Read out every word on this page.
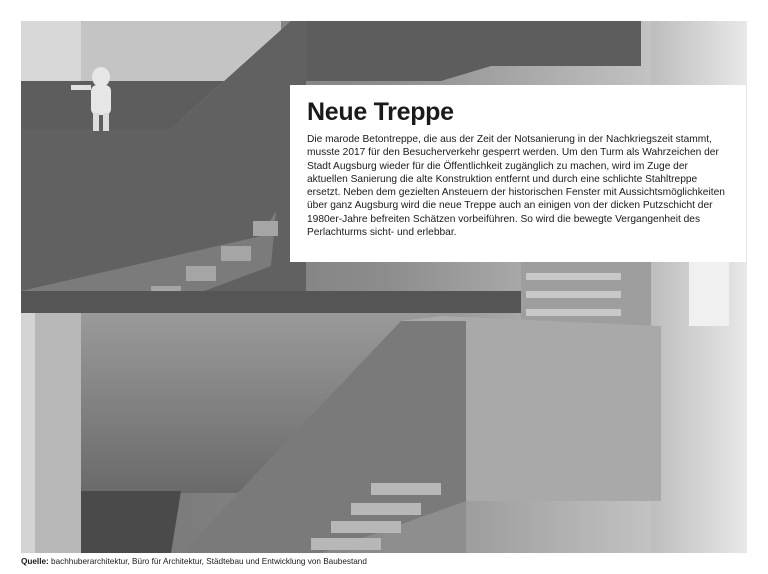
Neue Treppe

Die marode Betontreppe, die aus der Zeit der Notsanierung in der Nachkriegszeit stammt, musste 2017 für den Besucherverkehr gesperrt werden. Um den Turm als Wahrzeichen der Stadt Augsburg wieder für die Öffentlichkeit zugänglich zu machen, wird im Zuge der aktuellen Sanierung die alte Konstruktion entfernt und durch eine schlichte Stahltreppe ersetzt. Neben dem gezielten Ansteuern der historischen Fenster mit Aussichtsmöglichkeiten über ganz Augsburg wird die neue Treppe auch an einigen von der dicken Putzschicht der 1980er-Jahre befreiten Schätzen vorbeiführen. So wird die bewegte Vergangenheit des Perlachturms sicht- und erlebbar.

Quelle: bachhuberarchitektur, Büro für Architektur, Städtebau und Entwicklung von Baubestand
